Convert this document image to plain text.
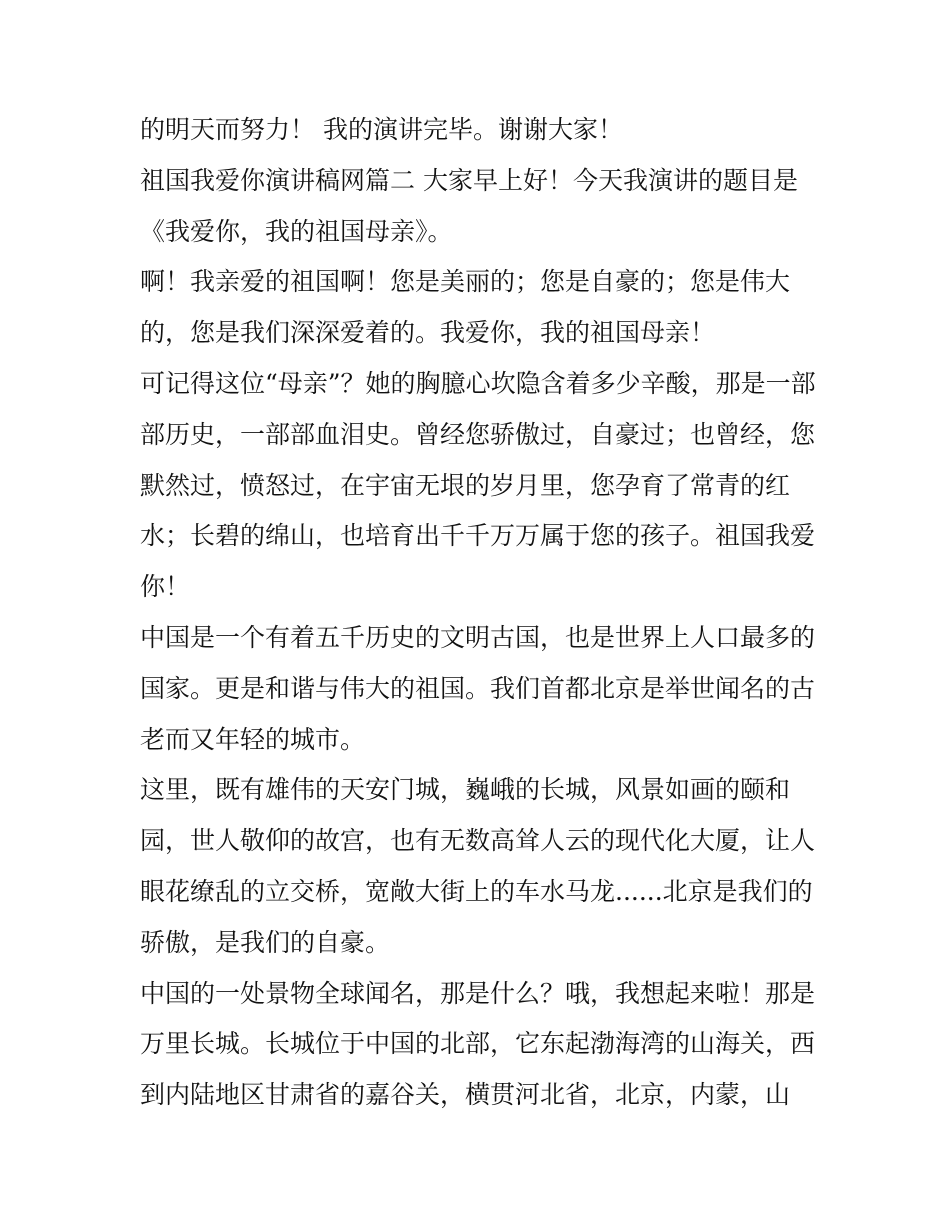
的明天而努力！ 我的演讲完毕。谢谢大家！
祖国我爱你演讲稿网篇二 大家早上好！今天我演讲的题目是
《我爱你，我的祖国母亲》。
啊！我亲爱的祖国啊！您是美丽的；您是自豪的；您是伟大
的，您是我们深深爱着的。我爱你，我的祖国母亲！
可记得这位“母亲”？她的胸臆心坎隐含着多少辛酸，那是一部
部历史，一部部血泪史。曾经您骄傲过，自豪过；也曾经，您
默然过，愤怒过，在宇宙无垠的岁月里，您孕育了常青的红
水；长碧的绵山，也培育出千千万万属于您的孩子。祖国我爱
你！
中国是一个有着五千历史的文明古国，也是世界上人口最多的
国家。更是和谐与伟大的祖国。我们首都北京是举世闻名的古
老而又年轻的城市。
这里，既有雄伟的天安门城，巍峨的长城，风景如画的颐和
园，世人敬仰的故宫，也有无数高耸人云的现代化大厦，让人
眼花缭乱的立交桥，宽敞大街上的车水马龙......北京是我们的
骄傲，是我们的自豪。
中国的一处景物全球闻名，那是什么？哦，我想起来啦！那是
万里长城。长城位于中国的北部，它东起渤海湾的山海关，西
到内陆地区甘肃省的嘉谷关，横贯河北省，北京，内蒙，山
